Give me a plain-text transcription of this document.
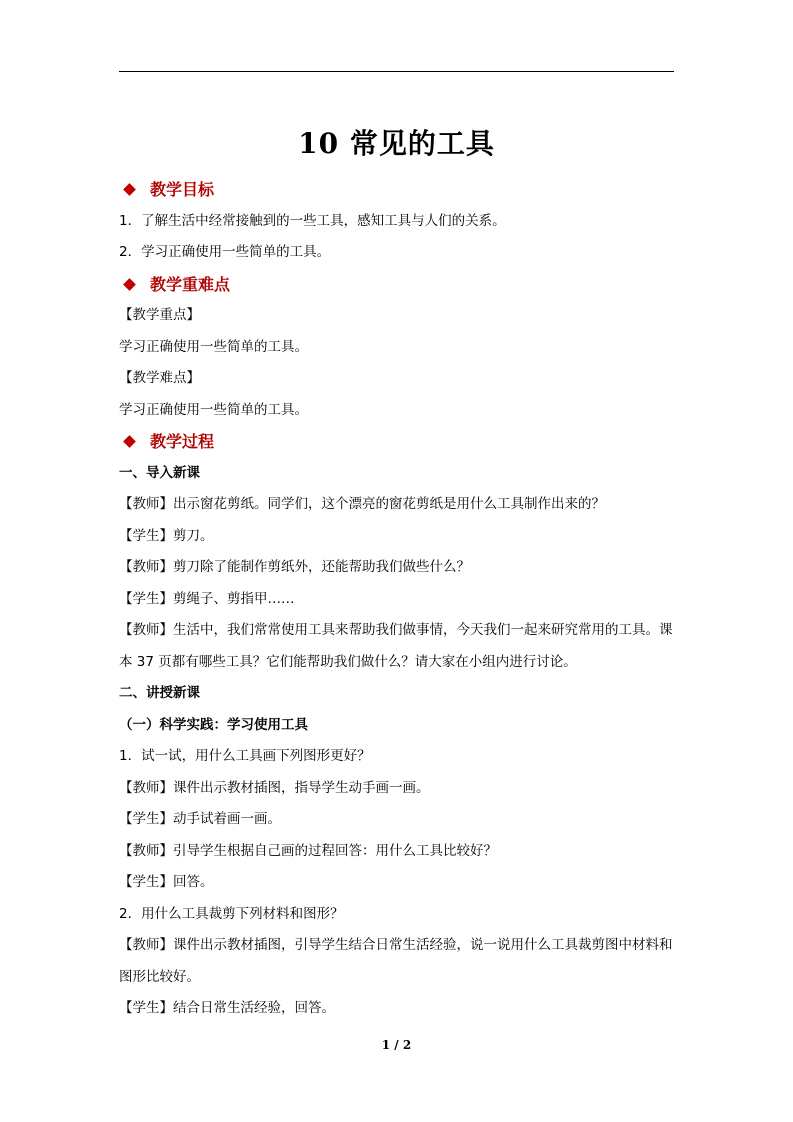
10 常见的工具
教学目标
1．了解生活中经常接触到的一些工具，感知工具与人们的关系。
2．学习正确使用一些简单的工具。
教学重难点
【教学重点】
学习正确使用一些简单的工具。
【教学难点】
学习正确使用一些简单的工具。
教学过程
一、导入新课
【教师】出示窗花剪纸。同学们，这个漂亮的窗花剪纸是用什么工具制作出来的？
【学生】剪刀。
【教师】剪刀除了能制作剪纸外，还能帮助我们做些什么？
【学生】剪绳子、剪指甲……
【教师】生活中，我们常常使用工具来帮助我们做事情，今天我们一起来研究常用的工具。课本 37 页都有哪些工具？它们能帮助我们做什么？请大家在小组内进行讨论。
二、讲授新课
（一）科学实践：学习使用工具
1．试一试，用什么工具画下列图形更好？
【教师】课件出示教材插图，指导学生动手画一画。
【学生】动手试着画一画。
【教师】引导学生根据自己画的过程回答：用什么工具比较好？
【学生】回答。
2．用什么工具裁剪下列材料和图形？
【教师】课件出示教材插图，引导学生结合日常生活经验，说一说用什么工具裁剪图中材料和图形比较好。
【学生】结合日常生活经验，回答。
1 / 2
